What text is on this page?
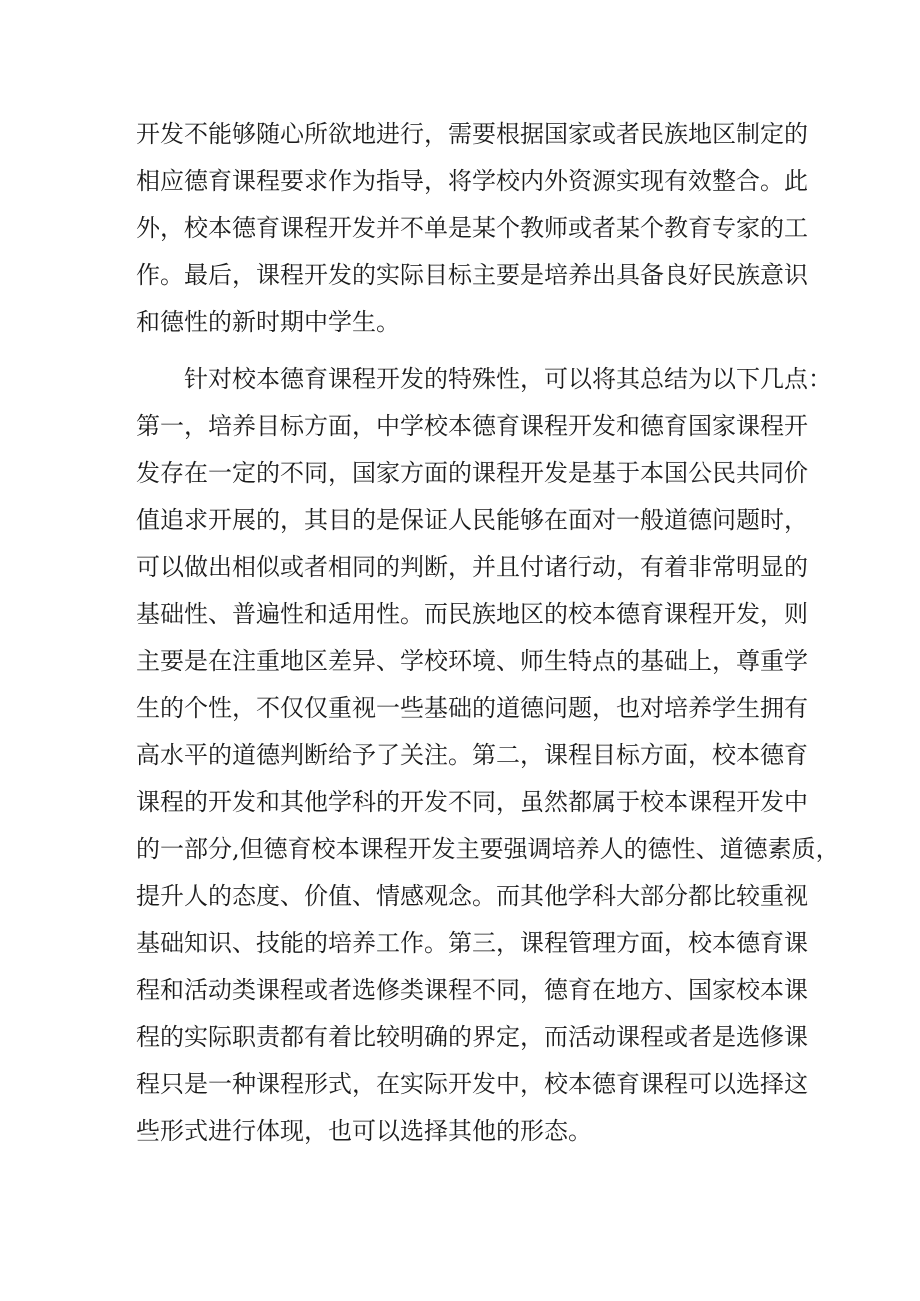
开发不能够随心所欲地进行，需要根据国家或者民族地区制定的
相应德育课程要求作为指导，将学校内外资源实现有效整合。此
外，校本德育课程开发并不单是某个教师或者某个教育专家的工
作。最后，课程开发的实际目标主要是培养出具备良好民族意识
和德性的新时期中学生。
针对校本德育课程开发的特殊性，可以将其总结为以下几点：
第一，培养目标方面，中学校本德育课程开发和德育国家课程开
发存在一定的不同，国家方面的课程开发是基于本国公民共同价
值追求开展的，其目的是保证人民能够在面对一般道德问题时，
可以做出相似或者相同的判断，并且付诸行动，有着非常明显的
基础性、普遍性和适用性。而民族地区的校本德育课程开发，则
主要是在注重地区差异、学校环境、师生特点的基础上，尊重学
生的个性，不仅仅重视一些基础的道德问题，也对培养学生拥有
高水平的道德判断给予了关注。第二，课程目标方面，校本德育
课程的开发和其他学科的开发不同，虽然都属于校本课程开发中
的一部分,但德育校本课程开发主要强调培养人的德性、道德素质，
提升人的态度、价值、情感观念。而其他学科大部分都比较重视
基础知识、技能的培养工作。第三，课程管理方面，校本德育课
程和活动类课程或者选修类课程不同，德育在地方、国家校本课
程的实际职责都有着比较明确的界定，而活动课程或者是选修课
程只是一种课程形式，在实际开发中，校本德育课程可以选择这
些形式进行体现，也可以选择其他的形态。
